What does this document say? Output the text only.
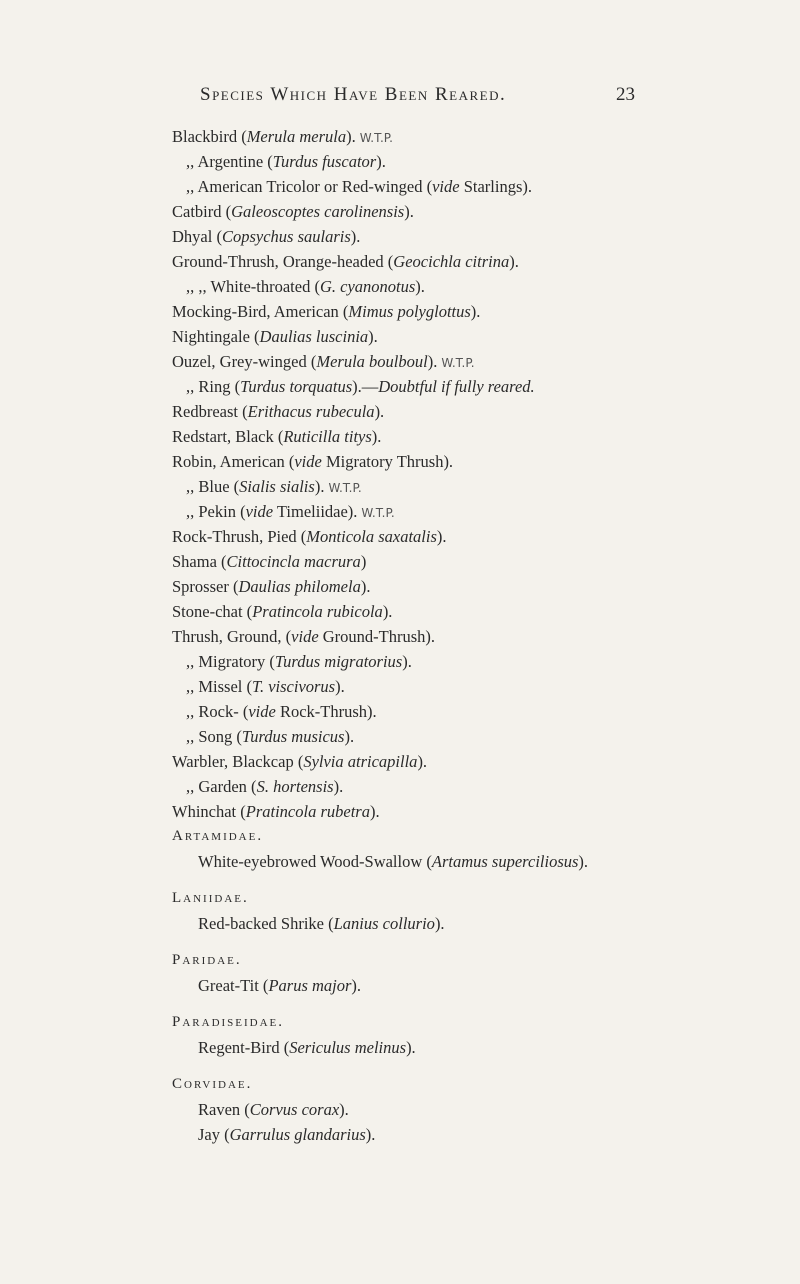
Species Which Have Been Reared.	23
Blackbird (Merula merula). W.T.P.
,, Argentine (Turdus fuscator).
,, American Tricolor or Red-winged (vide Starlings).
Catbird (Galeoscoptes carolinensis).
Dhyal (Copsychus saularis).
Ground-Thrush, Orange-headed (Geocichla citrina).
,, ,, White-throated (G. cyanonotus).
Mocking-Bird, American (Mimus polyglottus).
Nightingale (Daulias luscinia).
Ouzel, Grey-winged (Merula boulboul). W.T.P.
,, Ring (Turdus torquatus).—Doubtful if fully reared.
Redbreast (Erithacus rubecula).
Redstart, Black (Ruticilla titys).
Robin, American (vide Migratory Thrush).
,, Blue (Sialis sialis). W.T.P.
,, Pekin (vide Timeliidae). W.T.P.
Rock-Thrush, Pied (Monticola saxatalis).
Shama (Cittocincla macrura)
Sprosser (Daulias philomela).
Stone-chat (Pratincola rubicola).
Thrush, Ground, (vide Ground-Thrush).
,, Migratory (Turdus migratorius).
,, Missel (T. viscivorus).
,, Rock- (vide Rock-Thrush).
,, Song (Turdus musicus).
Warbler, Blackcap (Sylvia atricapilla).
,, Garden (S. hortensis).
Whinchat (Pratincola rubetra).
Artamidae.
White-eyebrowed Wood-Swallow (Artamus superciliosus).
Laniidae.
Red-backed Shrike (Lanius collurio).
Paridae.
Great-Tit (Parus major).
Paradiseidae.
Regent-Bird (Sericulus melinus).
Corvidae.
Raven (Corvus corax).
Jay (Garrulus glandarius).
